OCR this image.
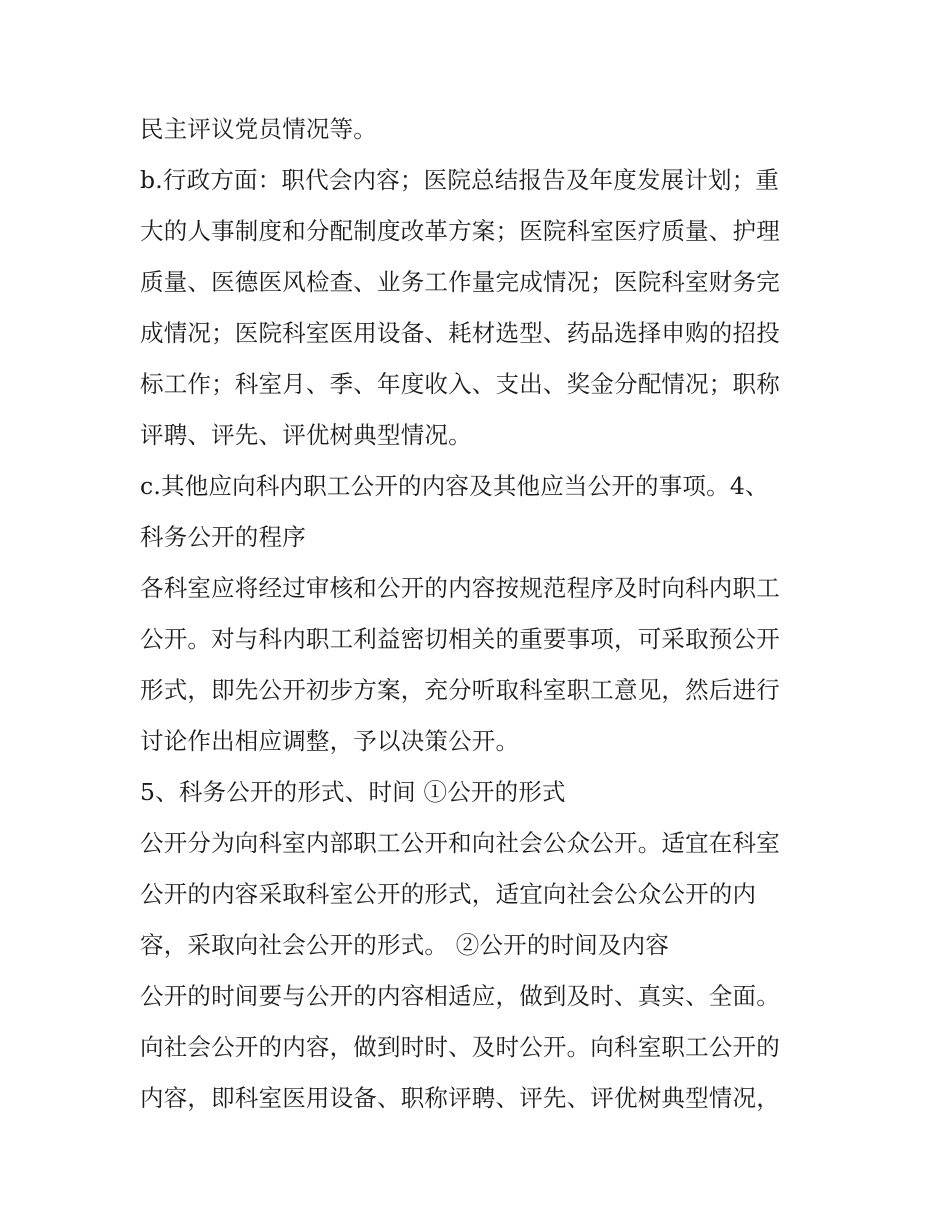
民主评议党员情况等。
b.行政方面：职代会内容；医院总结报告及年度发展计划；重
大的人事制度和分配制度改革方案；医院科室医疗质量、护理
质量、医德医风检查、业务工作量完成情况；医院科室财务完
成情况；医院科室医用设备、耗材选型、药品选择申购的招投
标工作；科室月、季、年度收入、支出、奖金分配情况；职称
评聘、评先、评优树典型情况。
c.其他应向科内职工公开的内容及其他应当公开的事项。4、
科务公开的程序
各科室应将经过审核和公开的内容按规范程序及时向科内职工
公开。对与科内职工利益密切相关的重要事项，可采取预公开
形式，即先公开初步方案，充分听取科室职工意见，然后进行
讨论作出相应调整，予以决策公开。
5、科务公开的形式、时间 ①公开的形式
公开分为向科室内部职工公开和向社会公众公开。适宜在科室
公开的内容采取科室公开的形式，适宜向社会公众公开的内
容，采取向社会公开的形式。 ②公开的时间及内容
公开的时间要与公开的内容相适应，做到及时、真实、全面。
向社会公开的内容，做到时时、及时公开。向科室职工公开的
内容，即科室医用设备、职称评聘、评先、评优树典型情况，
